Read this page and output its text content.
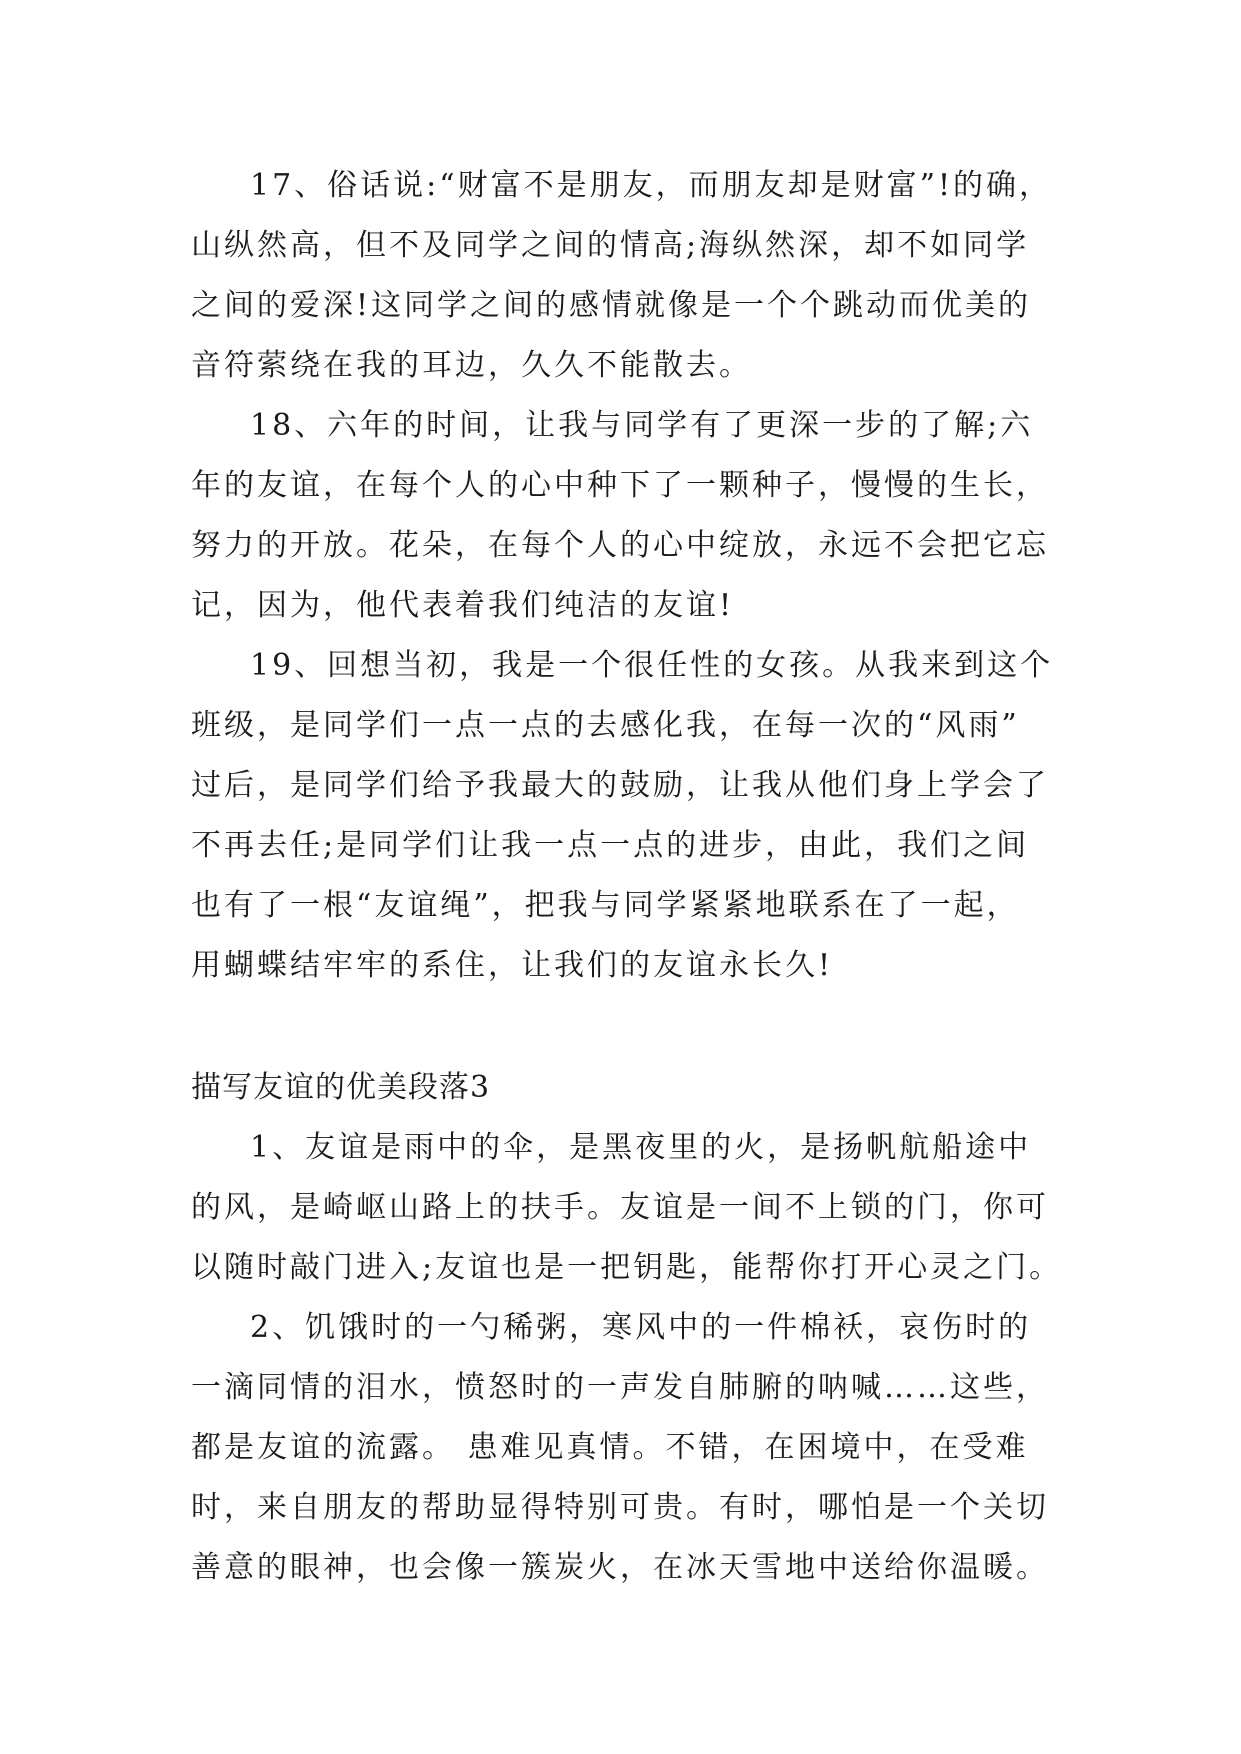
17、俗话说:“财富不是朋友，而朋友却是财富”!的确，
山纵然高，但不及同学之间的情高;海纵然深，却不如同学
之间的爱深!这同学之间的感情就像是一个个跳动而优美的
音符萦绕在我的耳边，久久不能散去。
18、六年的时间，让我与同学有了更深一步的了解;六
年的友谊，在每个人的心中种下了一颗种子，慢慢的生长，
努力的开放。花朵，在每个人的心中绽放，永远不会把它忘
记，因为，他代表着我们纯洁的友谊!
19、回想当初，我是一个很任性的女孩。从我来到这个
班级，是同学们一点一点的去感化我，在每一次的“风雨”
过后，是同学们给予我最大的鼓励，让我从他们身上学会了
不再去任;是同学们让我一点一点的进步，由此，我们之间
也有了一根“友谊绳”，把我与同学紧紧地联系在了一起，
用蝴蝶结牢牢的系住，让我们的友谊永长久!
描写友谊的优美段落3
1、友谊是雨中的伞，是黑夜里的火，是扬帆航船途中
的风，是崎岖山路上的扶手。友谊是一间不上锁的门，你可
以随时敲门进入;友谊也是一把钥匙，能帮你打开心灵之门。
2、饥饿时的一勺稀粥，寒风中的一件棉袄，哀伤时的
一滴同情的泪水，愤怒时的一声发自肺腑的呐喊……这些，
都是友谊的流露。 患难见真情。不错，在困境中，在受难
时，来自朋友的帮助显得特别可贵。有时，哪怕是一个关切
善意的眼神，也会像一簇炭火，在冰天雪地中送给你温暖。
